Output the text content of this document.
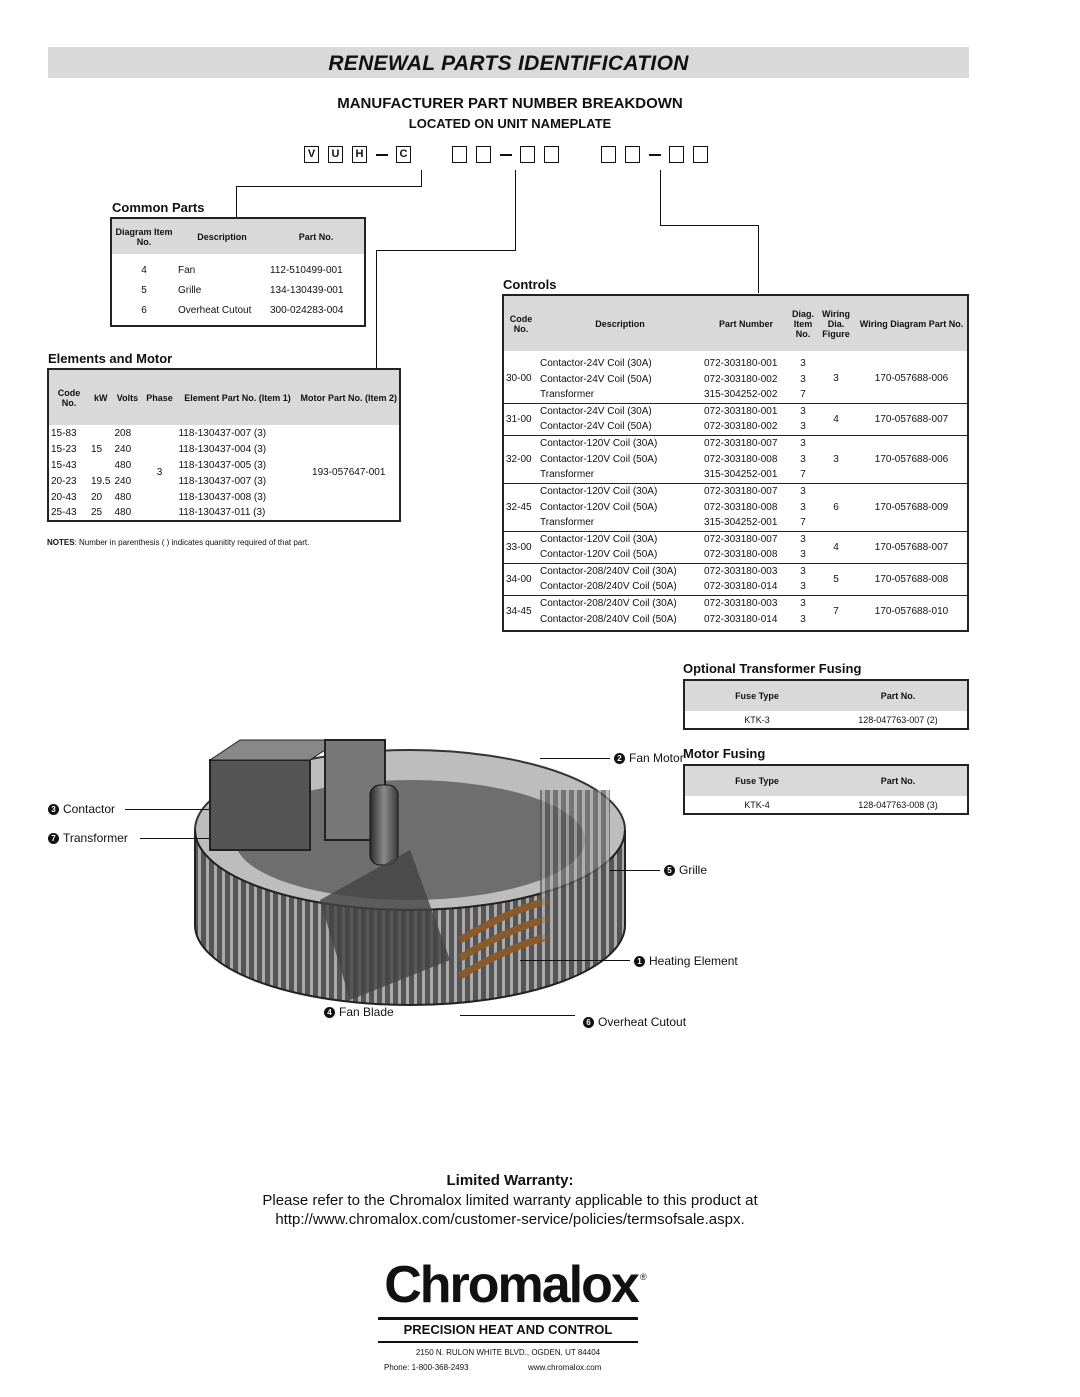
RENEWAL PARTS IDENTIFICATION
MANUFACTURER PART NUMBER BREAKDOWN
LOCATED ON UNIT NAMEPLATE
V U H	C
Common Parts
Diagram Item No.	Description	Part No.

4	Fan	112-510499-001
5	Grille	134-130439-001
6	Overheat Cutout	300-024283-004

Elements and Motor
Code No.	kW	Volts	Phase	Element Part No. (Item 1)	Motor Part No. (Item 2)
15-83		208	3	118-130437-007 (3)	193-057647-001
15-23	15	240		118-130437-004 (3)	
15-43		480		118-130437-005 (3)	
20-23	19.5	240		118-130437-007 (3)	
20-43	20	480		118-130437-008 (3)	
25-43	25	480		118-130437-011 (3)	
NOTES: Number in parenthesis ( ) indicates quanitity required of that part.
Controls
Code No.	Description	Part Number	Diag. Item No.	Wiring Dia. Figure	Wiring Diagram Part No.

30-00	Contactor-24V Coil (30A)	072-303180-001	3	3	170-057688-006
	Contactor-24V Coil (50A)	072-303180-002	3		
	Transformer	315-304252-002	7		
31-00	Contactor-24V Coil (30A)	072-303180-001	3	4	170-057688-007
	Contactor-24V Coil (50A)	072-303180-002	3		
32-00	Contactor-120V Coil (30A)	072-303180-007	3	3	170-057688-006
	Contactor-120V Coil (50A)	072-303180-008	3		
	Transformer	315-304252-001	7		
32-45	Contactor-120V Coil (30A)	072-303180-007	3	6	170-057688-009
	Contactor-120V Coil (50A)	072-303180-008	3		
	Transformer	315-304252-001	7		
33-00	Contactor-120V Coil (30A)	072-303180-007	3	4	170-057688-007
	Contactor-120V Coil (50A)	072-303180-008	3		
34-00	Contactor-208/240V Coil (30A)	072-303180-003	3	5	170-057688-008
	Contactor-208/240V Coil (50A)	072-303180-014	3		
34-45	Contactor-208/240V Coil (30A)	072-303180-003	3	7	170-057688-010
	Contactor-208/240V Coil (50A)	072-303180-014	3		

Optional Transformer Fusing
Fuse Type	Part No.
KTK-3	128-047763-007 (2)
Motor Fusing
Fuse Type	Part No.
KTK-4	128-047763-008 (3)
2 Fan Motor
3 Contactor
7 Transformer
5 Grille
1 Heating Element
4 Fan Blade
6 Overheat Cutout
Limited Warranty:
Please refer to the Chromalox limited warranty applicable to this product at
http://www.chromalox.com/customer-service/policies/termsofsale.aspx.
Chromalox ®
PRECISION HEAT AND CONTROL
2150 N. RULON WHITE BLVD., OGDEN, UT 84404
Phone: 1-800-368-2493	www.chromalox.com
